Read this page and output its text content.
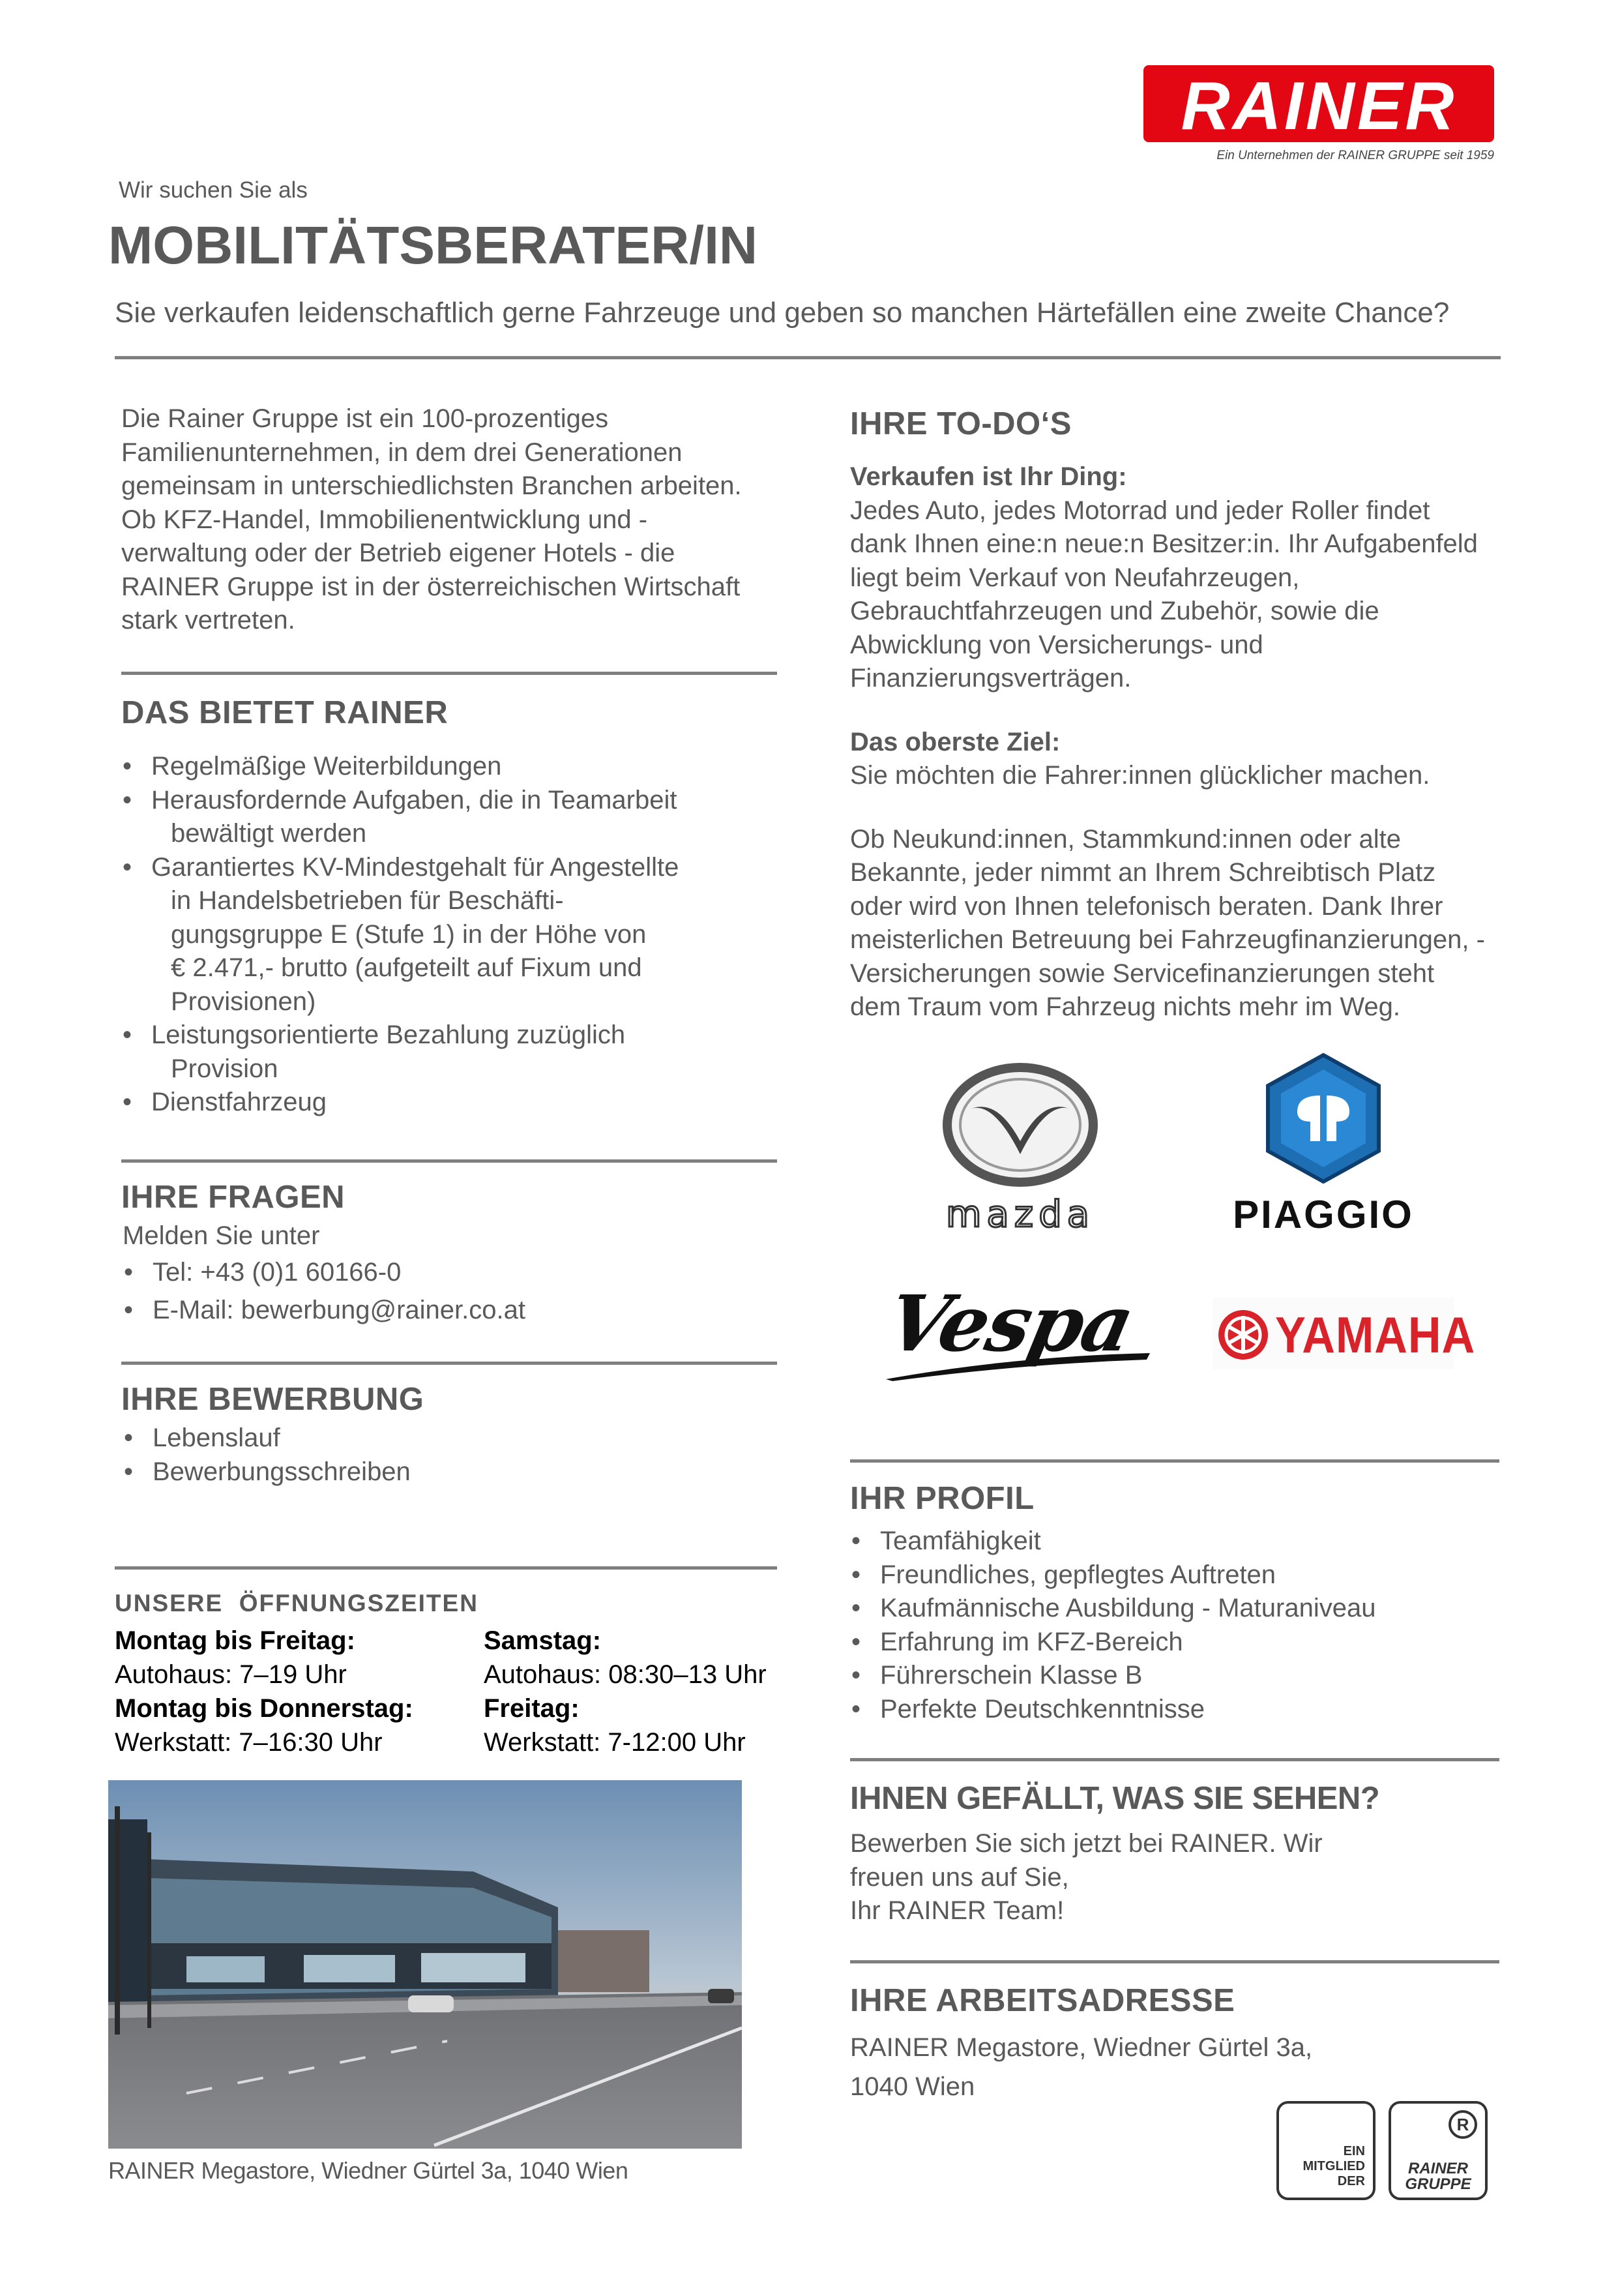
RAINER
Ein Unternehmen der RAINER GRUPPE seit 1959
Wir suchen Sie als
MOBILITÄTSBERATER/IN
Sie verkaufen leidenschaftlich gerne Fahrzeuge und geben so manchen Härtefällen eine zweite Chance?
Die Rainer Gruppe ist ein 100-prozentiges
Familienunternehmen, in dem drei Generationen
gemeinsam in unterschiedlichsten Branchen arbeiten.
Ob KFZ-Handel, Immobilienentwicklung und -
verwaltung oder der Betrieb eigener Hotels - die
RAINER Gruppe ist in der österreichischen Wirtschaft
stark vertreten.
DAS BIETET RAINER
• Regelmäßige Weiterbildungen
• Herausfordernde Aufgaben, die in Teamarbeit
bewältigt werden
• Garantiertes KV-Mindestgehalt für Angestellte
in Handelsbetrieben für Beschäfti-
gungsgruppe E (Stufe 1) in der Höhe von
€ 2.471,- brutto (aufgeteilt auf Fixum und
Provisionen)
• Leistungsorientierte Bezahlung zuzüglich
Provision
• Dienstfahrzeug
IHRE FRAGEN
Melden Sie unter
• Tel: +43 (0)1 60166-0
• E-Mail: bewerbung@rainer.co.at
IHRE BEWERBUNG
• Lebenslauf
• Bewerbungsschreiben
UNSERE  ÖFFNUNGSZEITEN
Montag bis Freitag:
Autohaus: 7–19 Uhr
Montag bis Donnerstag:
Werkstatt: 7–16:30 Uhr
Samstag:
Autohaus: 08:30–13 Uhr
Freitag:
Werkstatt: 7-12:00 Uhr
RAINER Megastore, Wiedner Gürtel 3a, 1040 Wien
IHRE TO-DO‘S
Verkaufen ist Ihr Ding:
Jedes Auto, jedes Motorrad und jeder Roller findet
dank Ihnen eine:n neue:n Besitzer:in. Ihr Aufgabenfeld
liegt beim Verkauf von Neufahrzeugen,
Gebrauchtfahrzeugen und Zubehör, sowie die
Abwicklung von Versicherungs- und
Finanzierungsverträgen.
Das oberste Ziel:
Sie möchten die Fahrer:innen glücklicher machen.
Ob Neukund:innen, Stammkund:innen oder alte
Bekannte, jeder nimmt an Ihrem Schreibtisch Platz
oder wird von Ihnen telefonisch beraten. Dank Ihrer
meisterlichen Betreuung bei Fahrzeugfinanzierungen, -
Versicherungen sowie Servicefinanzierungen steht
dem Traum vom Fahrzeug nichts mehr im Weg.
mazda	PIAGGIO
Vespa	YAMAHA
IHR PROFIL
• Teamfähigkeit
• Freundliches, gepflegtes Auftreten
• Kaufmännische Ausbildung - Maturaniveau
• Erfahrung im KFZ-Bereich
• Führerschein Klasse B
• Perfekte Deutschkenntnisse
IHNEN GEFÄLLT, WAS SIE SEHEN?
Bewerben Sie sich jetzt bei RAINER. Wir
freuen uns auf Sie,
Ihr RAINER Team!
IHRE ARBEITSADRESSE
RAINER Megastore, Wiedner Gürtel 3a,
1040 Wien
EIN
MITGLIED
DER
R
RAINER
GRUPPE
